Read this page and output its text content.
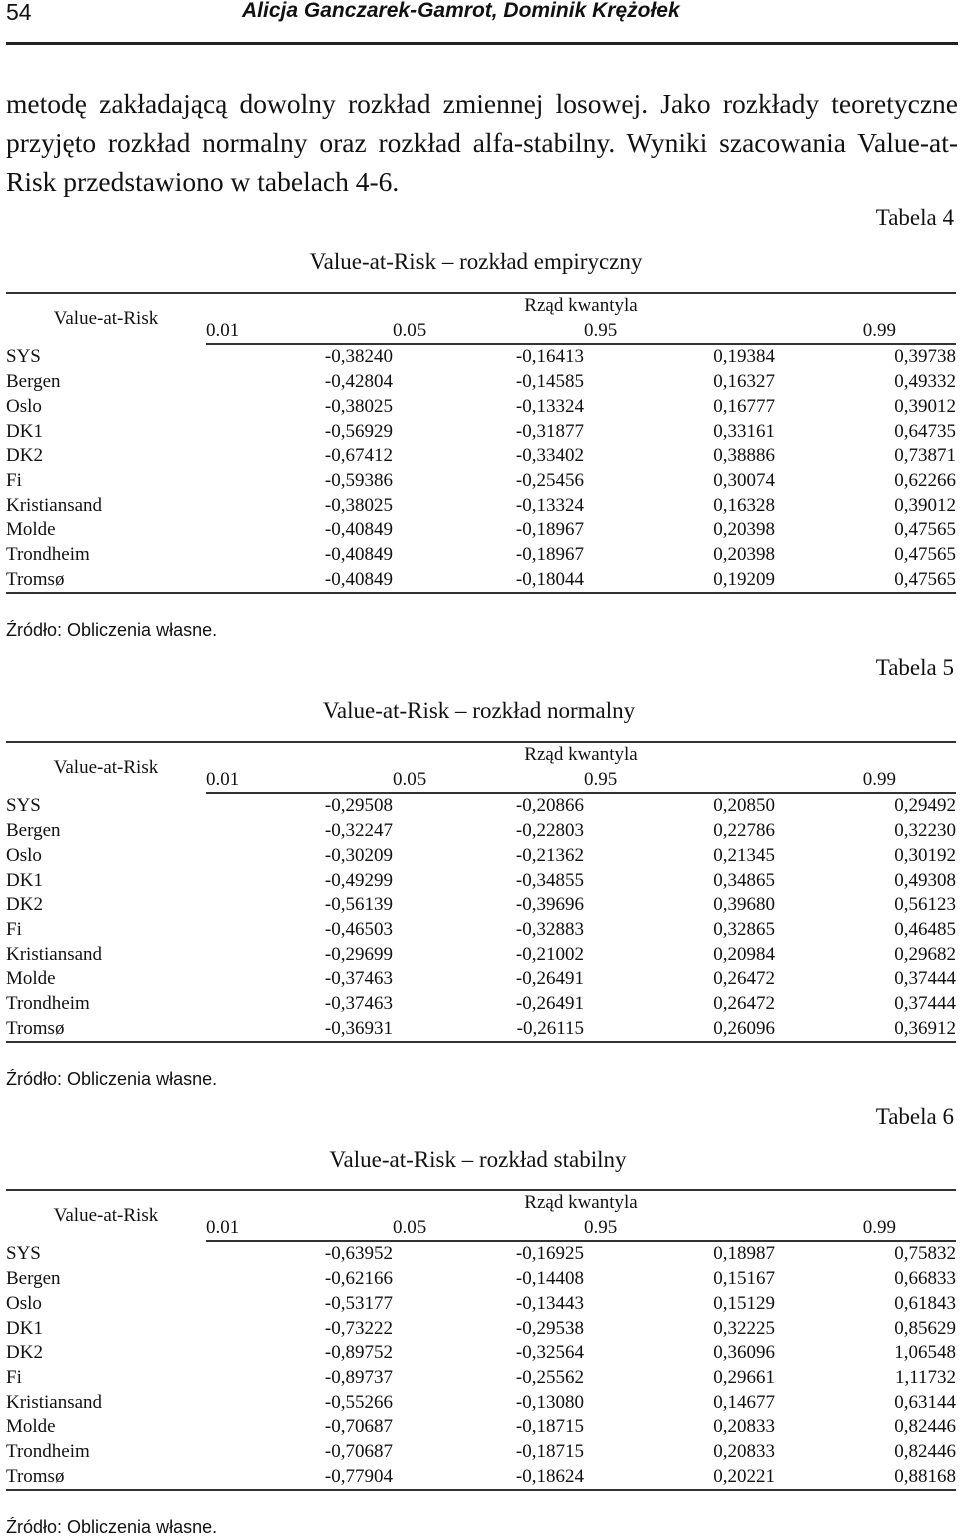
54	Alicja Ganczarek-Gamrot, Dominik Krężołek
metodę zakładającą dowolny rozkład zmiennej losowej. Jako rozkłady teoretyczne przyjęto rozkład normalny oraz rozkład alfa-stabilny. Wyniki szacowania Value-at-Risk przedstawiono w tabelach 4-6.
Tabela 4
Value-at-Risk – rozkład empiryczny
Value-at-Risk	Rząd kwantyla			
	0.01	0.05	0.95	0.99
SYS	-0,38240	-0,16413	0,19384	0,39738
Bergen	-0,42804	-0,14585	0,16327	0,49332
Oslo	-0,38025	-0,13324	0,16777	0,39012
DK1	-0,56929	-0,31877	0,33161	0,64735
DK2	-0,67412	-0,33402	0,38886	0,73871
Fi	-0,59386	-0,25456	0,30074	0,62266
Kristiansand	-0,38025	-0,13324	0,16328	0,39012
Molde	-0,40849	-0,18967	0,20398	0,47565
Trondheim	-0,40849	-0,18967	0,20398	0,47565
Tromsø	-0,40849	-0,18044	0,19209	0,47565
Źródło: Obliczenia własne.
Tabela 5
Value-at-Risk – rozkład normalny
Value-at-Risk	Rząd kwantyla			
	0.01	0.05	0.95	0.99
SYS	-0,29508	-0,20866	0,20850	0,29492
Bergen	-0,32247	-0,22803	0,22786	0,32230
Oslo	-0,30209	-0,21362	0,21345	0,30192
DK1	-0,49299	-0,34855	0,34865	0,49308
DK2	-0,56139	-0,39696	0,39680	0,56123
Fi	-0,46503	-0,32883	0,32865	0,46485
Kristiansand	-0,29699	-0,21002	0,20984	0,29682
Molde	-0,37463	-0,26491	0,26472	0,37444
Trondheim	-0,37463	-0,26491	0,26472	0,37444
Tromsø	-0,36931	-0,26115	0,26096	0,36912
Źródło: Obliczenia własne.
Tabela 6
Value-at-Risk – rozkład stabilny
Value-at-Risk	Rząd kwantyla			
	0.01	0.05	0.95	0.99
SYS	-0,63952	-0,16925	0,18987	0,75832
Bergen	-0,62166	-0,14408	0,15167	0,66833
Oslo	-0,53177	-0,13443	0,15129	0,61843
DK1	-0,73222	-0,29538	0,32225	0,85629
DK2	-0,89752	-0,32564	0,36096	1,06548
Fi	-0,89737	-0,25562	0,29661	1,11732
Kristiansand	-0,55266	-0,13080	0,14677	0,63144
Molde	-0,70687	-0,18715	0,20833	0,82446
Trondheim	-0,70687	-0,18715	0,20833	0,82446
Tromsø	-0,77904	-0,18624	0,20221	0,88168
Źródło: Obliczenia własne.
